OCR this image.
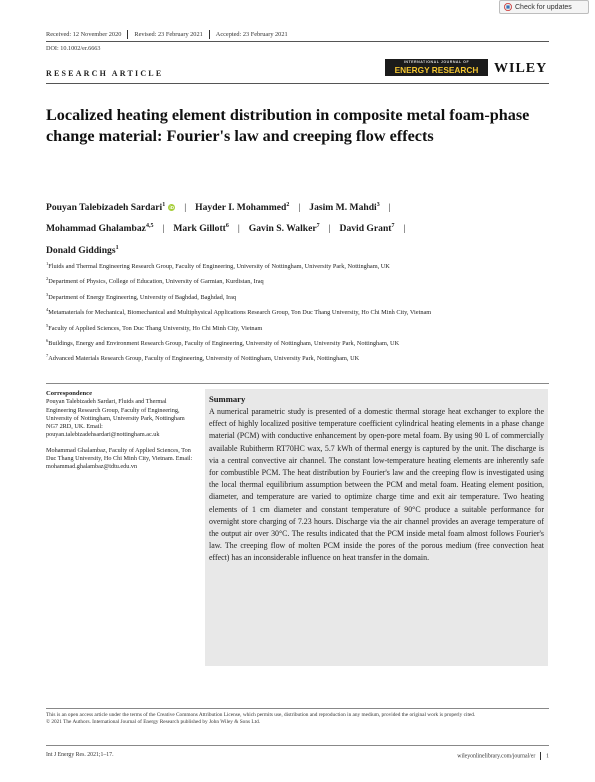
Check for updates
Received: 12 November 2020 Revised: 23 February 2021 Accepted: 23 February 2021
DOI: 10.1002/er.6663
RESEARCH ARTICLE
INTERNATIONAL JOURNAL OF
ENERGY RESEARCH WILEY
Localized heating element distribution in composite metal foam-phase change material: Fourier's law and creeping flow effects
Pouyan Talebizadeh Sardari$^1$ iD | Hayder I. Mohammed$^2$ | Jasim M. Mahdi$^3$ |
Mohammad Ghalambaz$^{4,5}$ | Mark Gillott$^6$ | Gavin S. Walker$^7$ | David Grant$^7$ |
Donald Giddings$^1$
$^1$Fluids and Thermal Engineering Research Group, Faculty of Engineering, University of Nottingham, University Park, Nottingham, UK
$^2$Department of Physics, College of Education, University of Garmian, Kurdistan, Iraq
$^3$Department of Energy Engineering, University of Baghdad, Baghdad, Iraq
$^4$Metamaterials for Mechanical, Biomechanical and Multiphysical Applications Research Group, Ton Duc Thang University, Ho Chi Minh City, Vietnam
$^5$Faculty of Applied Sciences, Ton Duc Thang University, Ho Chi Minh City, Vietnam
$^6$Buildings, Energy and Environment Research Group, Faculty of Engineering, University of Nottingham, University Park, Nottingham, UK
$^7$Advanced Materials Research Group, Faculty of Engineering, University of Nottingham, University Park, Nottingham, UK
Correspondence

Pouyan Talebizadeh Sardari, Fluids and Thermal Engineering Research Group, Faculty of Engineering, University of Nottingham, University Park, Nottingham NG7 2RD, UK. Email: pouyan.talebizadehsardari@nottingham.ac.uk

Mohammad Ghalambaz, Faculty of Applied Sciences, Ton Duc Thang University, Ho Chi Minh City, Vietnam. Email: mohammad.ghalambaz@tdtu.edu.vn

Summary
A numerical parametric study is presented of a domestic thermal storage heat exchanger to explore the effect of highly localized positive temperature coefficient cylindrical heating elements in a phase change material (PCM) with conductive enhancement by open-pore metal foam. By using 90 L of commercially available Rubitherm RT70HC wax, 5.7 kWh of thermal energy is captured by the unit. The discharge is via a central convective air channel. The constant low-temperature heating elements are inherently safe for combustible PCM. The heat distribution by Fourier's law and the creeping flow is investigated using the local thermal equilibrium assumption between the PCM and metal foam. Heating element position, diameter, and temperature are varied to optimize charge time and exit air temperature. Two heating elements of 1 cm diameter and constant temperature of 90°C produce a suitable performance for overnight store charging of 7.23 hours. Discharge via the air channel provides an average temperature of the output air over 30°C. The results indicated that the PCM inside metal foam almost follows Fourier's law. The creeping flow of molten PCM inside the pores of the porous medium (free convection heat effect) has an inconsiderable influence on heat transfer in the domain.
This is an open access article under the terms of the Creative Commons Attribution License, which permits use, distribution and reproduction in any medium, provided the original work is properly cited.
© 2021 The Authors. International Journal of Energy Research published by John Wiley & Sons Ltd.
Int J Energy Res. 2021;1–17.	wileyonlinelibrary.com/journal/er 1
